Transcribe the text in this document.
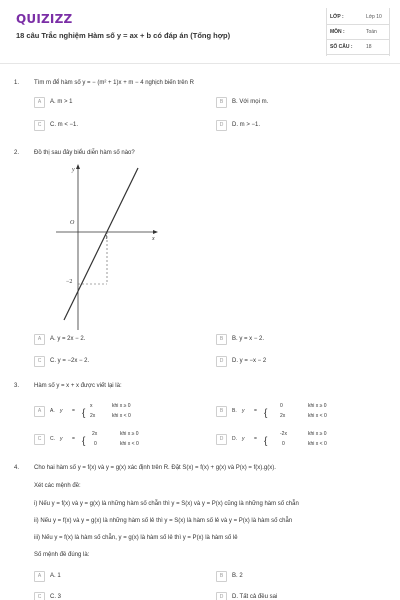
QUIZIZZ
18 câu Trắc nghiệm Hàm số y = ax + b có đáp án (Tổng hợp)
LỚP :	Lớp 10
MÔN :	Toán
SỐ CÂU :	18
1. Tìm m để hàm số y = − (m² + 1)x + m − 4 nghịch biến trên R
A	A. m > 1	B	B. Với mọi m.
C	C. m < −1.	D	D. m > −1.
2. Đồ thị sau đây biểu diễn hàm số nào?
y
x
O
1
−2
A	A. y = 2x − 2.	B	B. y = x − 2.
C	C. y = −2x − 2.	D	D. y = −x − 2
3. Hàm số y = x + x được viết lại là:
A	A. y = {
x	khi x ≥ 0
2x	khi x < 0
B	B. y = {
0	khi x ≥ 0
2x	khi x < 0
C	C. y = {
2x	khi x ≥ 0
0	khi x < 0
D	D. y = {
-2x	khi x ≥ 0
0	khi x < 0
4. Cho hai hàm số y = f(x) và y = g(x) xác định trên R. Đặt S(x) = f(x) + g(x) và P(x) = f(x).g(x).
Xét các mệnh đề:
i) Nếu y = f(x) và y = g(x) là những hàm số chẵn thì y = S(x) và y = P(x) cũng là những hàm số chẵn
ii) Nếu y = f(x) và y = g(x) là những hàm số lẻ thì y = S(x) là hàm số lẻ và y = P(x) là hàm số chẵn
iii) Nếu y = f(x) là hàm số chẵn, y = g(x) là hàm số lẻ thì y = P(x) là hàm số lẻ
Số mệnh đề đúng là:
A	A. 1	B	B. 2
C	C. 3	D	D. Tất cả đều sai
